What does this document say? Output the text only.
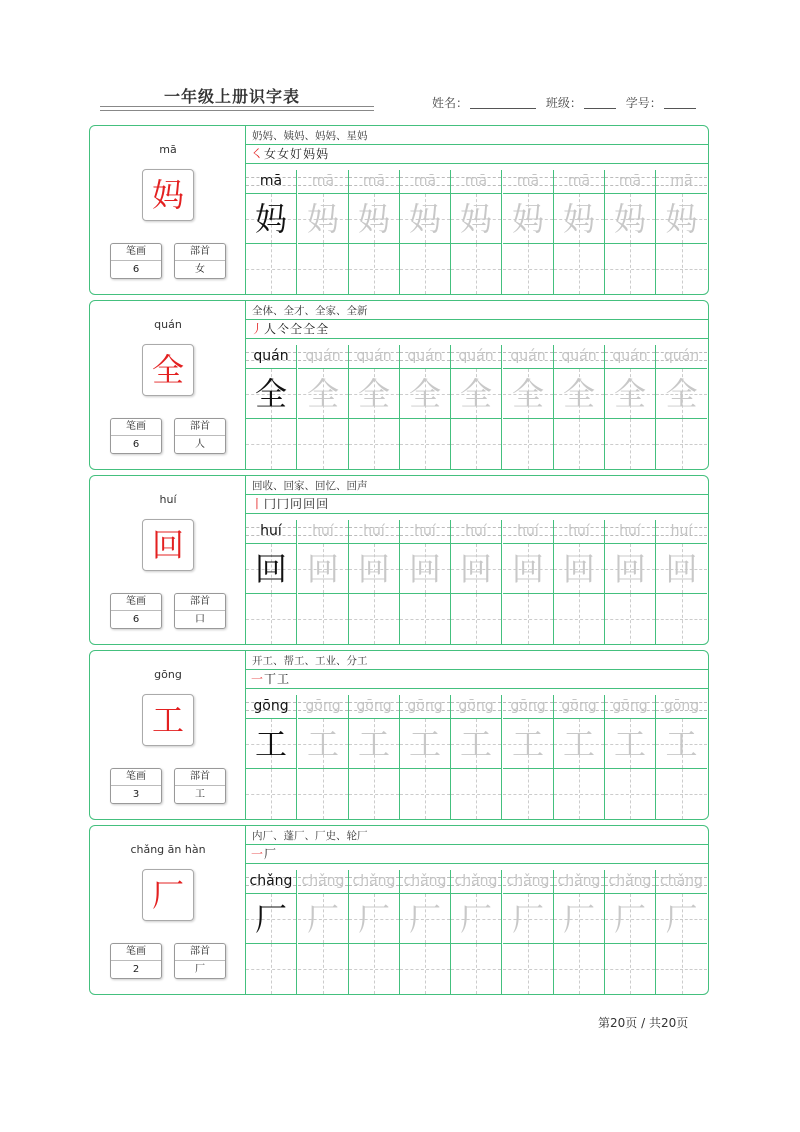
一年级上册识字表	姓名：	班级：	学号：
mā
妈
笔画
6
部首
女
奶妈、姨妈、妈妈、星妈
㇛女女奵妈妈
mā
妈
mā
妈
mā
妈
mā
妈
mā
妈
mā
妈
mā
妈
mā
妈
mā
妈
quán
全
笔画
6
部首
人
全体、全才、全家、全新
丿人仒仝仝全
quán
全
quán
全
quán
全
quán
全
quán
全
quán
全
quán
全
quán
全
quán
全
huí
回
笔画
6
部首
口
回收、回家、回忆、回声
丨冂冂冋回回
huí
回
huí
回
huí
回
huí
回
huí
回
huí
回
huí
回
huí
回
huí
回
gōng
工
笔画
3
部首
工
开工、帮工、工业、分工
一丅工
gōng
工
gōng
工
gōng
工
gōng
工
gōng
工
gōng
工
gōng
工
gōng
工
gōng
工
chǎng ān hàn
厂
笔画
2
部首
厂
内厂、蓬厂、厂史、轮厂
一厂
chǎng
厂
chǎng
厂
chǎng
厂
chǎng
厂
chǎng
厂
chǎng
厂
chǎng
厂
chǎng
厂
chǎng
厂
第20页 / 共20页
